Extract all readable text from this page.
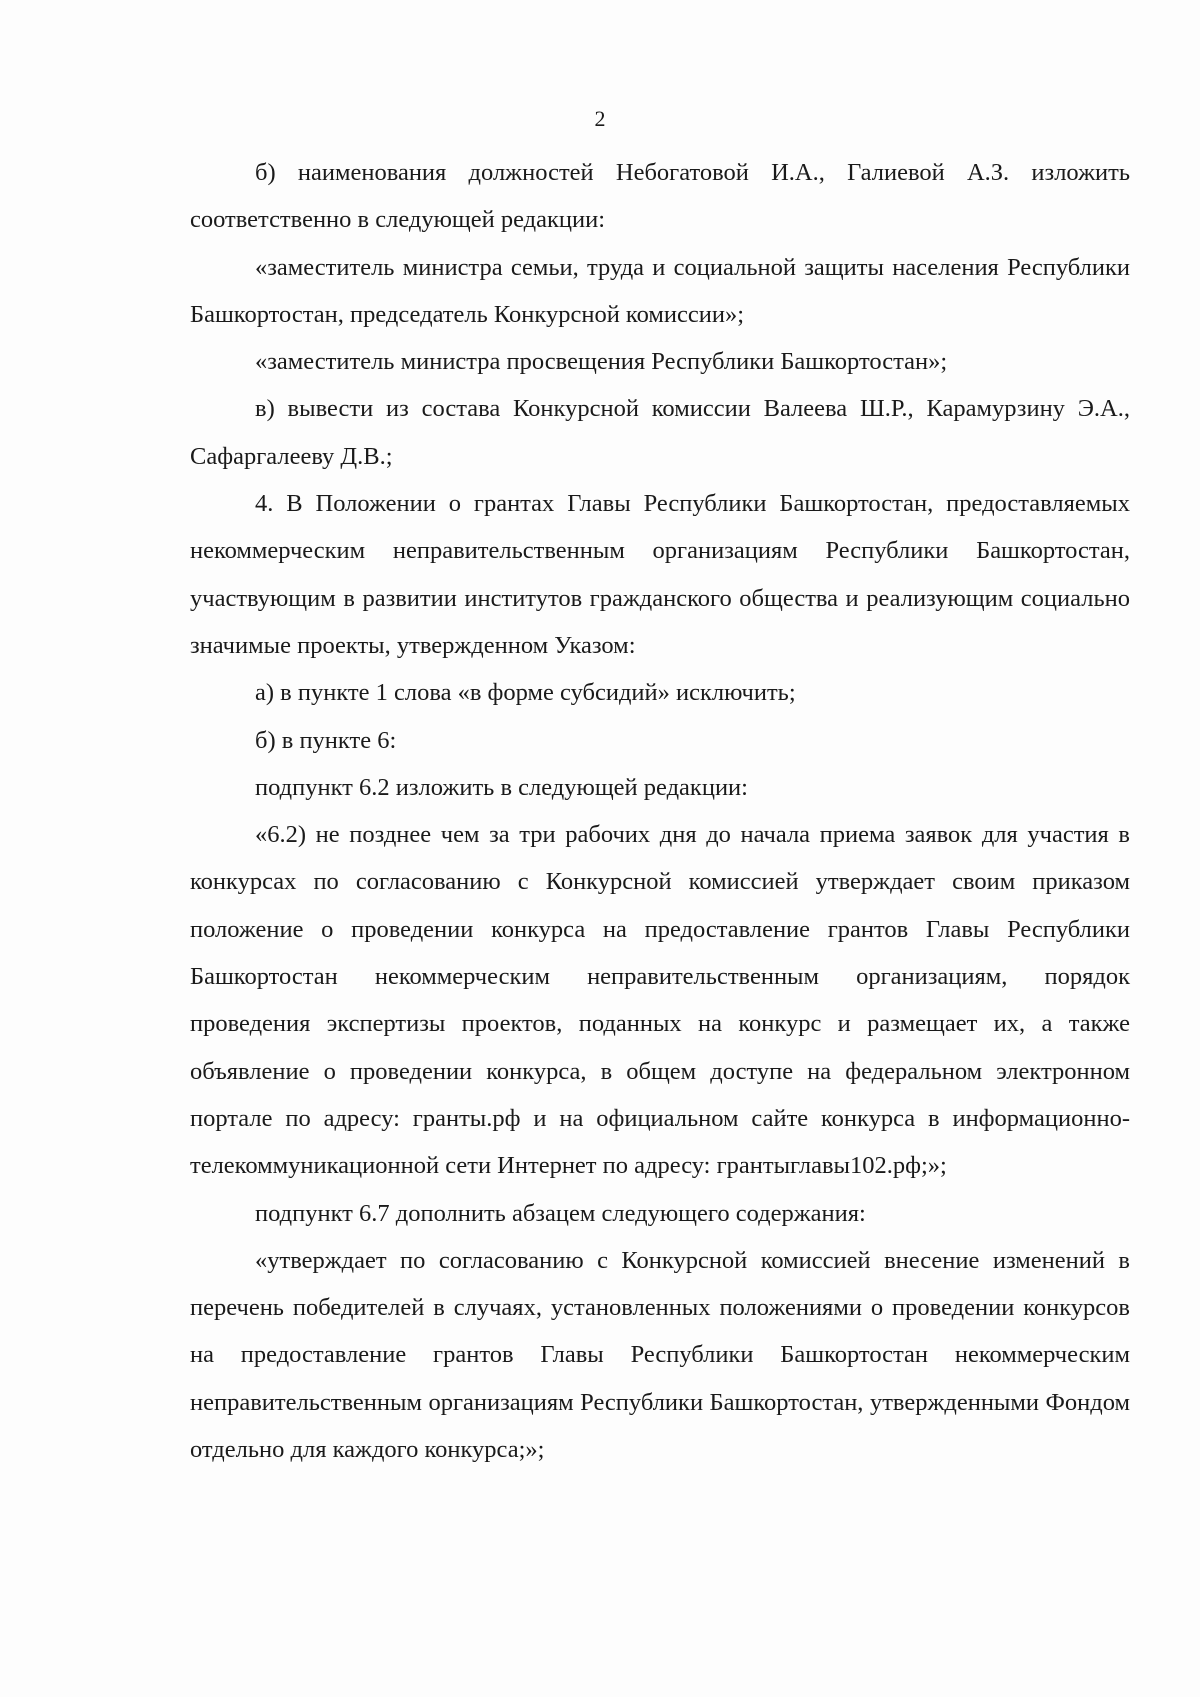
2

б) наименования должностей Небогатовой И.А., Галиевой А.З. изложить соответственно в следующей редакции:

«заместитель министра семьи, труда и социальной защиты населения Республики Башкортостан, председатель Конкурсной комиссии»;

«заместитель министра просвещения Республики Башкортостан»;

в) вывести из состава Конкурсной комиссии Валеева Ш.Р., Карамурзину Э.А., Сафаргалееву Д.В.;

4. В Положении о грантах Главы Республики Башкортостан, предоставляемых некоммерческим неправительственным организациям Республики Башкортостан, участвующим в развитии институтов гражданского общества и реализующим социально значимые проекты, утвержденном Указом:

а) в пункте 1 слова «в форме субсидий» исключить;

б) в пункте 6:

подпункт 6.2 изложить в следующей редакции:

«6.2) не позднее чем за три рабочих дня до начала приема заявок для участия в конкурсах по согласованию с Конкурсной комиссией утверждает своим приказом положение о проведении конкурса на предоставление грантов Главы Республики Башкортостан некоммерческим неправительственным организациям, порядок проведения экспертизы проектов, поданных на конкурс и размещает их, а также объявление о проведении конкурса, в общем доступе на федеральном электронном портале по адресу: гранты.рф и на официальном сайте конкурса в информационно-телекоммуникационной сети Интернет по адресу: грантыглавы102.рф;»;

подпункт 6.7 дополнить абзацем следующего содержания:

«утверждает по согласованию с Конкурсной комиссией внесение изменений в перечень победителей в случаях, установленных положениями о проведении конкурсов на предоставление грантов Главы Республики Башкортостан некоммерческим неправительственным организациям Республики Башкортостан, утвержденными Фондом отдельно для каждого конкурса;»;
